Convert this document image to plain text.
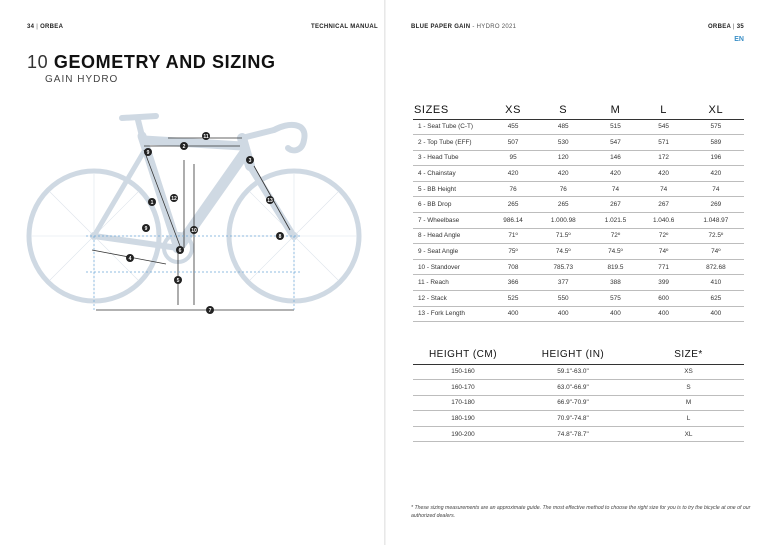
34 | ORBEA	TECHNICAL MANUAL	BLUE PAPER GAIN - HYDRO 2021	ORBEA | 35
EN
10 GEOMETRY AND SIZING
GAIN HYDRO
1
2
3
4
5
6
7
8
9
9	10
11
12	13
SIZES	XS	S	M	L	XL
1 - Seat Tube (C-T)	455	485	515	545	575
2 - Top Tube (EFF)	507	530	547	571	589
3 - Head Tube	95	120	146	172	196
4 - Chainstay	420	420	420	420	420
5 - BB Height	76	76	74	74	74
6 - BB Drop	265	265	267	267	269
7 - Wheelbase	986.14	1.000.98	1.021.5	1.040.6	1.048.97
8 - Head Angle	71º	71.5º	72º	72º	72.5º
9 - Seat Angle	75º	74.5º	74.5º	74º	74º
10 - Standover	708	785.73	819.5	771	872.68
11 - Reach	366	377	388	399	410
12 - Stack	525	550	575	600	625
13 - Fork Length	400	400	400	400	400
HEIGHT (CM)	HEIGHT (IN)	SIZE*
150-160	59.1"-63.0"	XS
160-170	63.0"-66.9"	S
170-180	66.9"-70.9"	M
180-190	70.9"-74.8"	L
190-200	74.8"-78.7"	XL
* These sizing measurements are an approximate guide. The most effective method to choose the right size for you is to try the bicycle at one of our authorized dealers.
